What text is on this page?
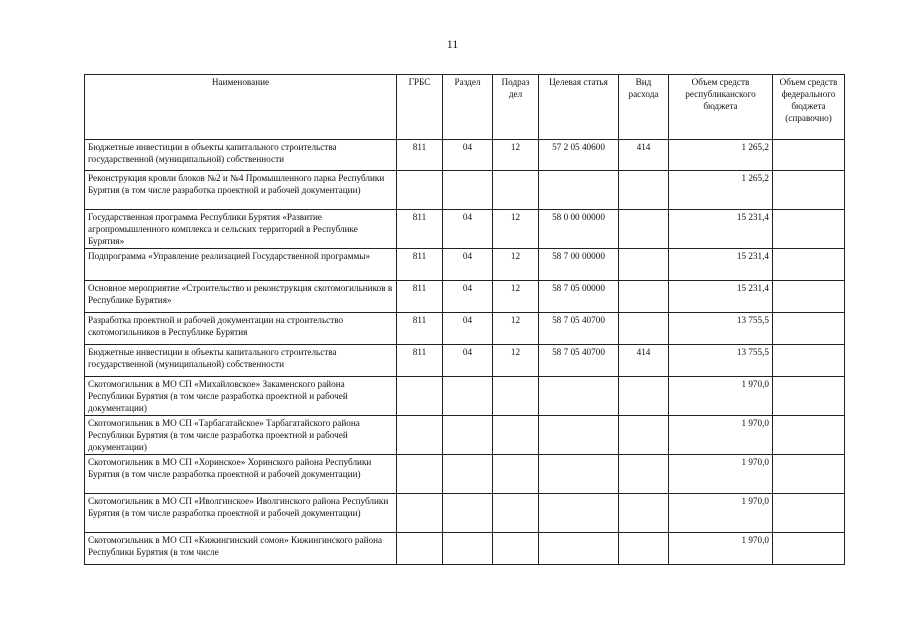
11
Наименование	ГРБС	Раздел	Подраз дел	Целевая статья	Вид расхода	Объем средств республиканского бюджета	Объем средств федерального бюджета (справочно)
Бюджетные инвестиции в объекты капитального строительства государственной (муниципальной) собственности	811	04	12	57 2 05 40600	414	1 265,2	
Реконструкция кровли блоков №2 и №4 Промышленного парка Республики Бурятия (в том числе разработка проектной и рабочей документации)						1 265,2	
Государственная программа Республики Бурятия «Развитие агропромышленного комплекса и сельских территорий в Республике Бурятия»	811	04	12	58 0 00 00000		15 231,4	
Подпрограмма «Управление реализацией Государственной программы»	811	04	12	58 7 00 00000		15 231,4	
Основное мероприятие «Строительство и реконструкция скотомогильников в Республике Бурятия»	811	04	12	58 7 05 00000		15 231,4	
Разработка проектной и рабочей документации на строительство скотомогильников в Республике Бурятия	811	04	12	58 7 05 40700		13 755,5	
Бюджетные инвестиции в объекты капитального строительства государственной (муниципальной) собственности	811	04	12	58 7 05 40700	414	13 755,5	
Скотомогильник в МО СП «Михайловское» Закаменского района Республики Бурятия (в том числе разработка проектной и рабочей документации)						1 970,0	
Скотомогильник в МО СП «Тарбагатайское» Тарбагатайского района Республики Бурятия (в том числе разработка проектной и рабочей документации)						1 970,0	
Скотомогильник в МО СП «Хоринское» Хоринского района Республики Бурятия (в том числе разработка проектной и рабочей документации)						1 970,0	
Скотомогильник в МО СП «Иволгинское» Иволгинского района Республики Бурятия (в том числе разработка проектной и рабочей документации)						1 970,0	
Скотомогильник в МО СП «Кижингинский сомон» Кижингинского района Республики Бурятия (в том числе						1 970,0	
